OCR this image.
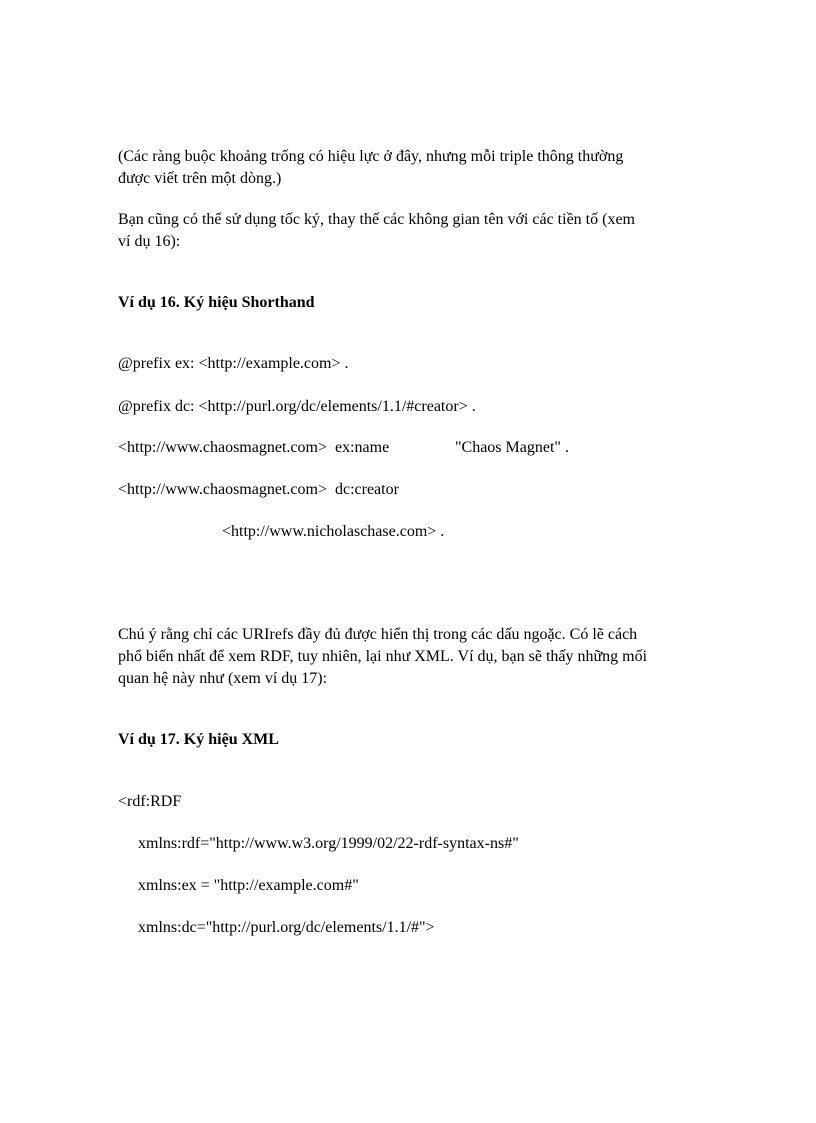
(Các ràng buộc khoảng trống có hiệu lực ở đây, nhưng mỗi triple thông thường
được viết trên một dòng.)
Bạn cũng có thể sử dụng tốc ký, thay thế các không gian tên với các tiền tố (xem
ví dụ 16):
Ví dụ 16. Ký hiệu Shorthand
@prefix ex: <http://example.com> .
@prefix dc: <http://purl.org/dc/elements/1.1/#creator> .
<http://www.chaosmagnet.com>  ex:name	"Chaos Magnet" .
<http://www.chaosmagnet.com>  dc:creator
<http://www.nicholaschase.com> .
Chú ý rằng chỉ các URIrefs đầy đủ được hiển thị trong các dấu ngoặc. Có lẽ cách
phổ biến nhất để xem RDF, tuy nhiên, lại như XML. Ví dụ, bạn sẽ thấy những mối
quan hệ này như (xem ví dụ 17):
Ví dụ 17. Ký hiệu XML
<rdf:RDF
xmlns:rdf="http://www.w3.org/1999/02/22-rdf-syntax-ns#"
xmlns:ex = "http://example.com#"
xmlns:dc="http://purl.org/dc/elements/1.1/#">
